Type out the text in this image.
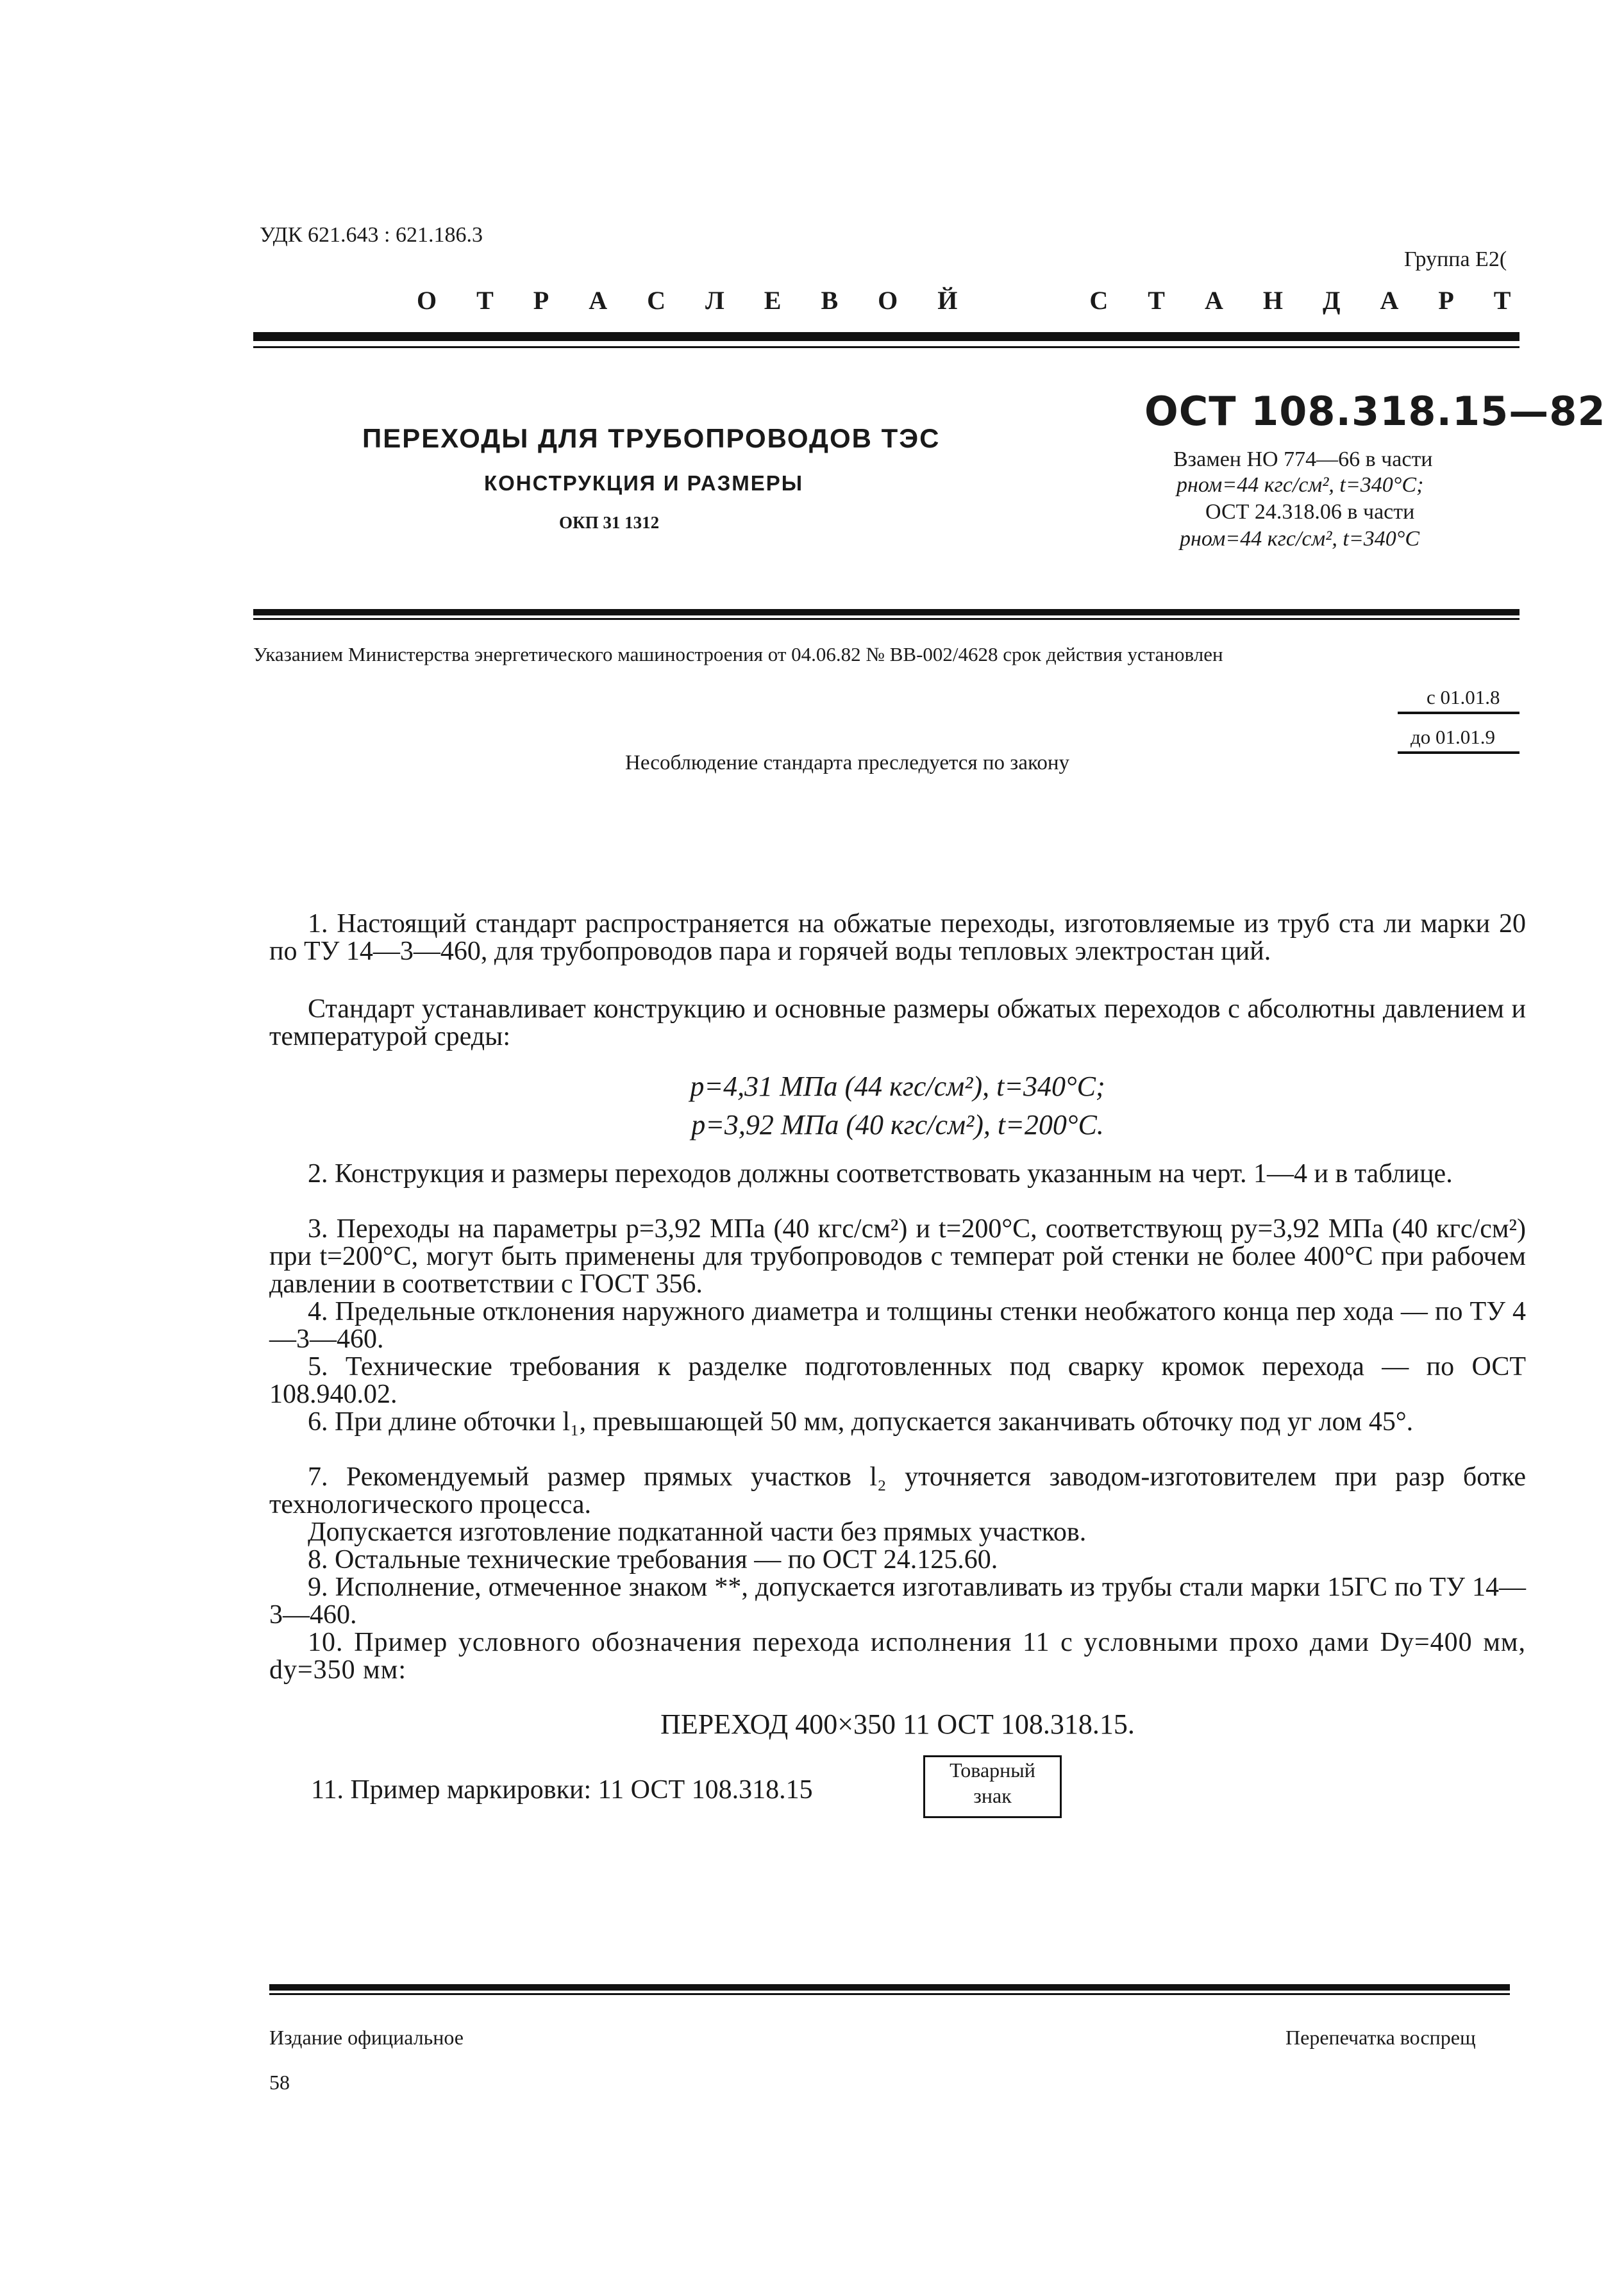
УДК 621.643 : 621.186.3
Группа Е2(
О Т Р А С Л Е В О Й     С Т А Н Д А Р Т
ПЕРЕХОДЫ ДЛЯ ТРУБОПРОВОДОВ ТЭС
КОНСТРУКЦИЯ И РАЗМЕРЫ
ОКП 31 1312
ОСТ 108.318.15—82
Взамен НО 774—66 в части
pном=44 кгс/см², t=340°С;
ОСТ 24.318.06 в части
pном=44 кгс/см², t=340°С
Указанием Министерства энергетического машиностроения от 04.06.82 № ВВ-002/4628 срок действия установлен
с 01.01.8
до 01.01.9
Несоблюдение стандарта преследуется по закону
1. Настоящий стандарт распространяется на обжатые переходы, изготовляемые из труб ста ли марки 20 по ТУ 14—3—460, для трубопроводов пара и горячей воды тепловых электростан ций.
Стандарт устанавливает конструкцию и основные размеры обжатых переходов с абсолютны давлением и температурой среды:
p=4,31 МПа (44 кгс/см²), t=340°С;
p=3,92 МПа (40 кгс/см²), t=200°С.
2. Конструкция и размеры переходов должны соответствовать указанным на черт. 1—4 и в таблице.
3. Переходы на параметры p=3,92 МПа (40 кгс/см²) и t=200°С, соответствующ pу=3,92 МПа (40 кгс/см²) при t=200°С, могут быть применены для трубопроводов с температ рой стенки не более 400°С при рабочем давлении в соответствии с ГОСТ 356.
4. Предельные отклонения наружного диаметра и толщины стенки необжатого конца пер хода — по ТУ 4—3—460.
5. Технические требования к разделке подготовленных под сварку кромок перехода — по ОСТ 108.940.02.
6. При длине обточки l₁, превышающей 50 мм, допускается заканчивать обточку под уг лом 45°.
7. Рекомендуемый размер прямых участков l₂ уточняется заводом-изготовителем при разр ботке технологического процесса.
Допускается изготовление подкатанной части без прямых участков.
8. Остальные технические требования — по ОСТ 24.125.60.
9. Исполнение, отмеченное знаком **, допускается изготавливать из трубы стали марки 15ГС по ТУ 14—3—460.
10. Пример условного обозначения перехода исполнения 11 с условными прохо дами Dу=400 мм, dу=350 мм:
ПЕРЕХОД 400×350 11 ОСТ 108.318.15.
11. Пример маркировки: 11 ОСТ 108.318.15
Товарный
знак
Издание официальное	Перепечатка воспрещ
58
